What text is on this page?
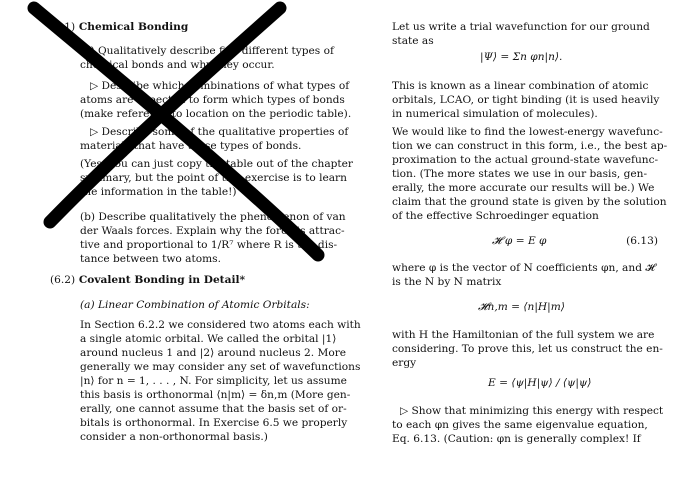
(6.1) Chemical Bonding
(a) Qualitatively describe five different types of
chemical bonds and why they occur.
▷ Describe which combinations of what types of
atoms are expected to form which types of bonds
(make reference to location on the periodic table).
▷ Describe some of the qualitative properties of
materials that have these types of bonds.
(Yes, you can just copy the table out of the chapter
summary, but the point of this exercise is to learn
the information in the table!)
(b) Describe qualitatively the phenomenon of van
der Waals forces. Explain why the force is attrac-
tive and proportional to 1/R⁷ where R is the dis-
tance between two atoms.
(6.2) Covalent Bonding in Detail*
(a) Linear Combination of Atomic Orbitals:
In Section 6.2.2 we considered two atoms each with
a single atomic orbital. We called the orbital |1⟩
around nucleus 1 and |2⟩ around nucleus 2. More
generally we may consider any set of wavefunctions
|n⟩ for n = 1, . . . , N. For simplicity, let us assume
this basis is orthonormal ⟨n|m⟩ = δn,m (More gen-
erally, one cannot assume that the basis set of or-
bitals is orthonormal. In Exercise 6.5 we properly
consider a non-orthonormal basis.)
Let us write a trial wavefunction for our ground
state as
|Ψ⟩ = Σn φn|n⟩.
This is known as a linear combination of atomic
orbitals, LCAO, or tight binding (it is used heavily
in numerical simulation of molecules).
We would like to find the lowest-energy wavefunc-
tion we can construct in this form, i.e., the best ap-
proximation to the actual ground-state wavefunc-
tion. (The more states we use in our basis, gen-
erally, the more accurate our results will be.) We
claim that the ground state is given by the solution
of the effective Schroedinger equation
𝓗 φ = E φ	(6.13)
where φ is the vector of N coefficients φn, and 𝓗
is the N by N matrix
𝓗n,m = ⟨n|H|m⟩
with H the Hamiltonian of the full system we are
considering. To prove this, let us construct the en-
ergy
E = ⟨ψ|H|ψ⟩ / ⟨ψ|ψ⟩
▷ Show that minimizing this energy with respect
to each φn gives the same eigenvalue equation,
Eq. 6.13. (Caution: φn is generally complex! If
